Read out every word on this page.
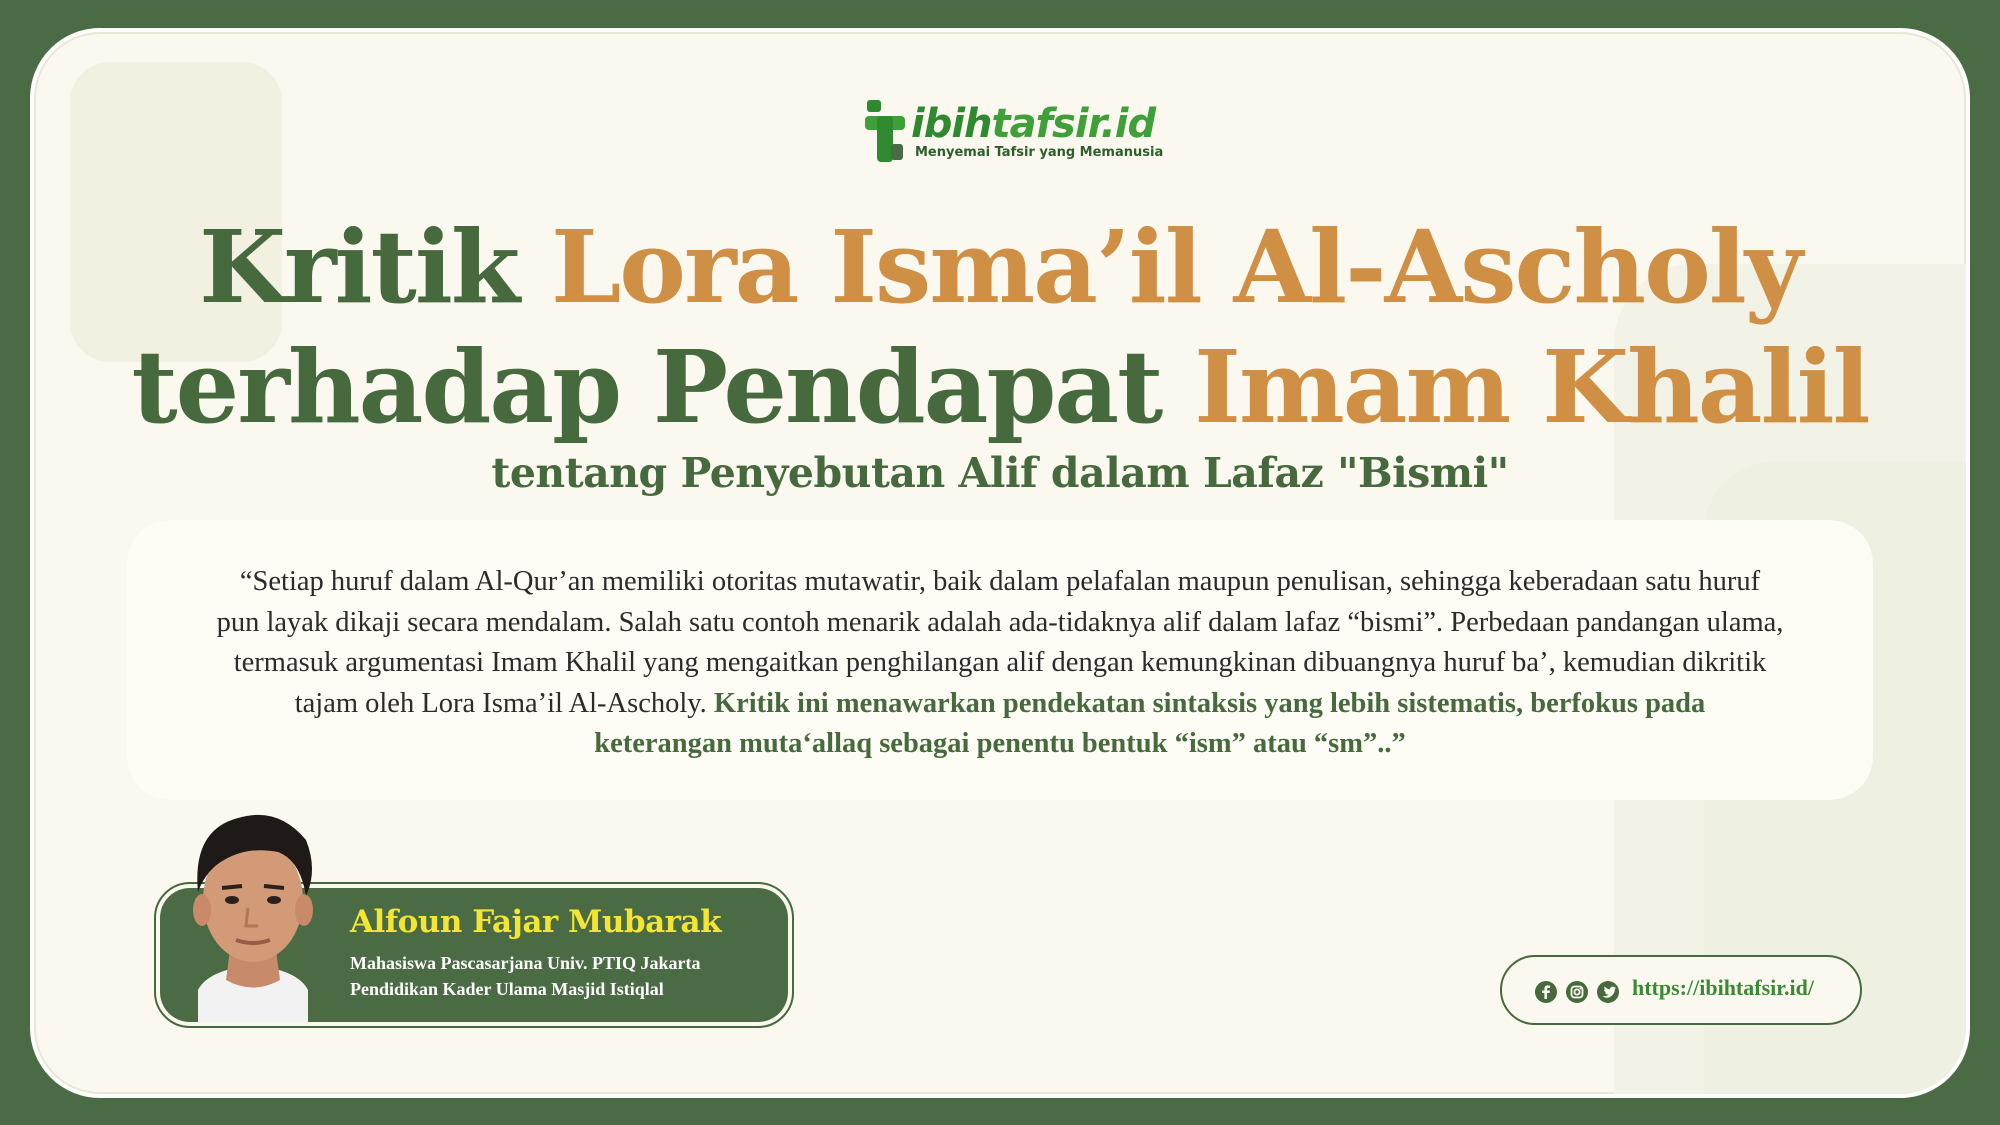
ibihtafsir.id
Menyemai Tafsir yang Memanusia
Kritik Lora Isma’il Al-Ascholy
terhadap Pendapat Imam Khalil
tentang Penyebutan Alif dalam Lafaz "Bismi"
“Setiap huruf dalam Al-Qur’an memiliki otoritas mutawatir, baik dalam pelafalan maupun penulisan, sehingga keberadaan satu huruf
pun layak dikaji secara mendalam. Salah satu contoh menarik adalah ada-tidaknya alif dalam lafaz “bismi”. Perbedaan pandangan ulama,
termasuk argumentasi Imam Khalil yang mengaitkan penghilangan alif dengan kemungkinan dibuangnya huruf ba’, kemudian dikritik
tajam oleh Lora Isma’il Al-Ascholy. Kritik ini menawarkan pendekatan sintaksis yang lebih sistematis, berfokus pada
keterangan muta‘allaq sebagai penentu bentuk “ism” atau “sm”..”
Alfoun Fajar Mubarak
Mahasiswa Pascasarjana Univ. PTIQ Jakarta
Pendidikan Kader Ulama Masjid Istiqlal	https://ibihtafsir.id/
